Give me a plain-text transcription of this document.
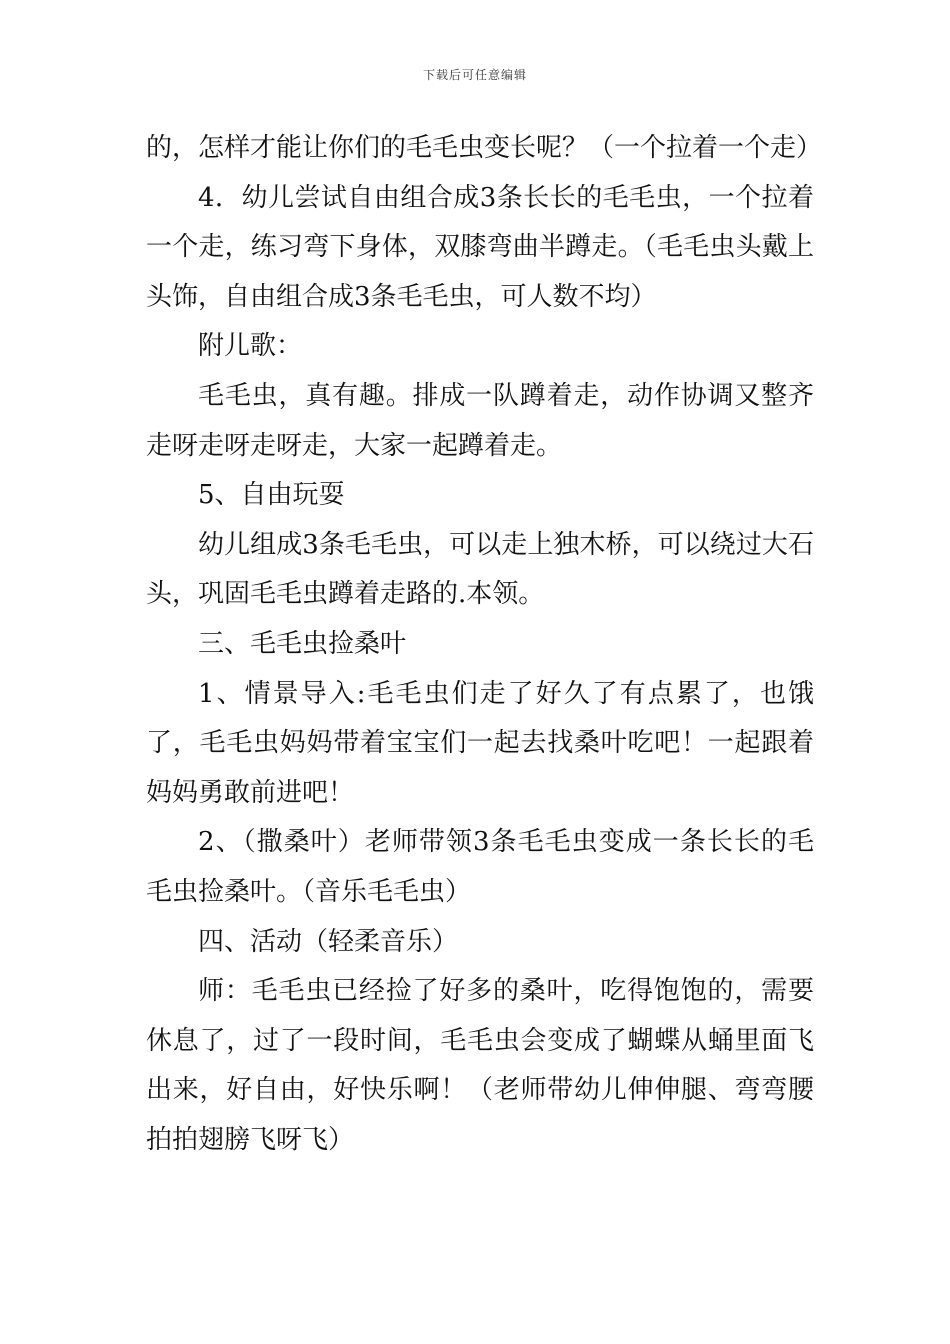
下载后可任意编辑

的，怎样才能让你们的毛毛虫变长呢？（一个拉着一个走）

4．幼儿尝试自由组合成3条长长的毛毛虫，一个拉着一个走，练习弯下身体，双膝弯曲半蹲走。（毛毛虫头戴上头饰，自由组合成3条毛毛虫，可人数不均）

附儿歌：

毛毛虫，真有趣。排成一队蹲着走，动作协调又整齐走呀走呀走呀走，大家一起蹲着走。

5、自由玩耍

幼儿组成3条毛毛虫，可以走上独木桥，可以绕过大石头，巩固毛毛虫蹲着走路的.本领。

三、毛毛虫捡桑叶

1、情景导入:毛毛虫们走了好久了有点累了，也饿了，毛毛虫妈妈带着宝宝们一起去找桑叶吃吧！一起跟着妈妈勇敢前进吧！

2、（撒桑叶）老师带领3条毛毛虫变成一条长长的毛毛虫捡桑叶。（音乐毛毛虫）

四、活动（轻柔音乐）

师：毛毛虫已经捡了好多的桑叶，吃得饱饱的，需要休息了，过了一段时间，毛毛虫会变成了蝴蝶从蛹里面飞出来，好自由，好快乐啊！（老师带幼儿伸伸腿、弯弯腰拍拍翅膀飞呀飞）
